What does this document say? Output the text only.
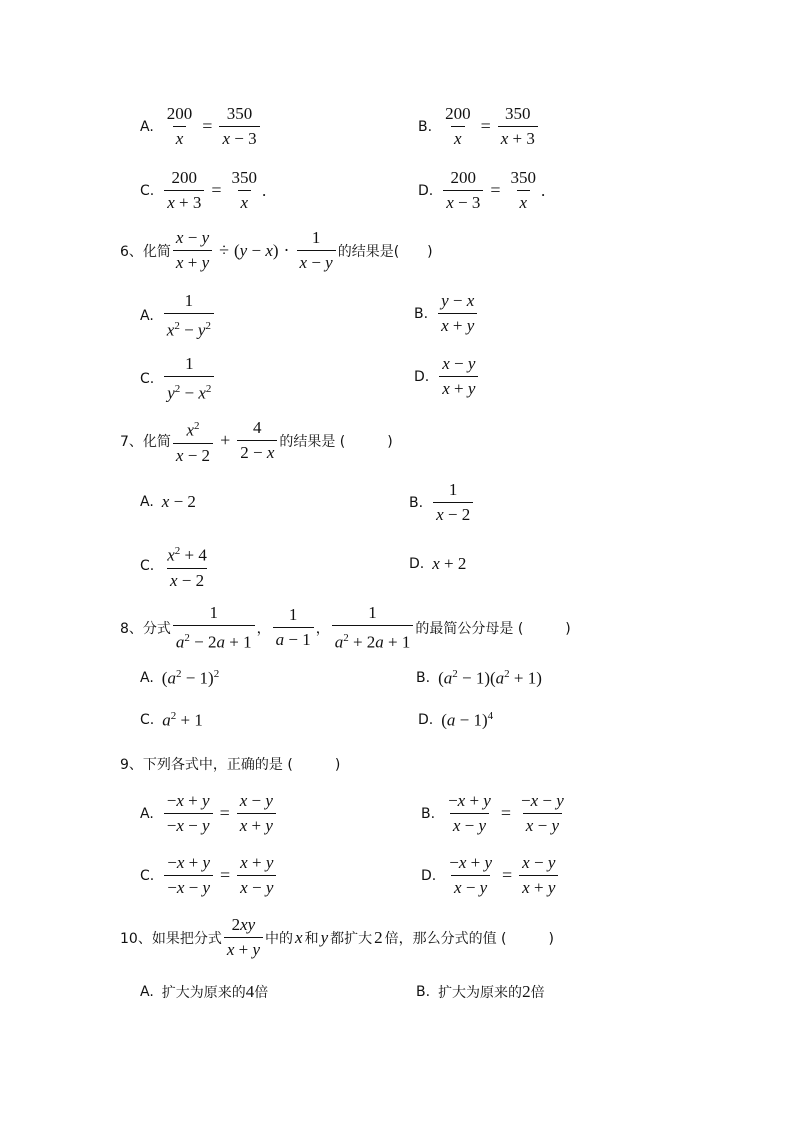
A. $\frac{200}{x} = \frac{350}{x - 3}$	B. $\frac{200}{x} = \frac{350}{x + 3}$
C. $\frac{200}{x + 3} = \frac{350}{x}$ .	D. $\frac{200}{x - 3} = \frac{350}{x}$ .
6、 化简 $\frac{x - y}{x + y} \div (y - x) \cdot \frac{1}{x - y}$ 的结果是(　　)
A. $\frac{1}{x^2 - y^2}$	B. $\frac{y - x}{x + y}$
C. $\frac{1}{y^2 - x^2}$	D. $\frac{x - y}{x + y}$
7、 化简 $\frac{x^2}{x - 2} + \frac{4}{2 - x}$ 的结果是 (　　　)
A. x − 2	B. $\frac{1}{x - 2}$
C. $\frac{x^2 + 4}{x - 2}$	D. x + 2
8、 分式 $\frac{1}{a^2 - 2a + 1}$ ， $\frac{1}{a - 1}$ ， $\frac{1}{a^2 + 2a + 1}$ 的最简公分母是 (　　　)
A. $(a^2 - 1)^2$	B. $(a^2 - 1)(a^2 + 1)$
C. $a^2 + 1$	D. $(a - 1)^4$
9、 下列各式中，正确的是 (　　　)
A. $\frac{-x + y}{-x - y} = \frac{x - y}{x + y}$	B. $\frac{-x + y}{x - y} = \frac{-x - y}{x - y}$
C. $\frac{-x + y}{-x - y} = \frac{x + y}{x - y}$	D. $\frac{-x + y}{x - y} = \frac{x - y}{x + y}$
10、 如果把分式 $\frac{2xy}{x + y}$ 中的 x 和 y 都扩大 2 倍，那么分式的值 (　　　)
A. 扩大为原来的 4 倍	B. 扩大为原来的 2 倍
